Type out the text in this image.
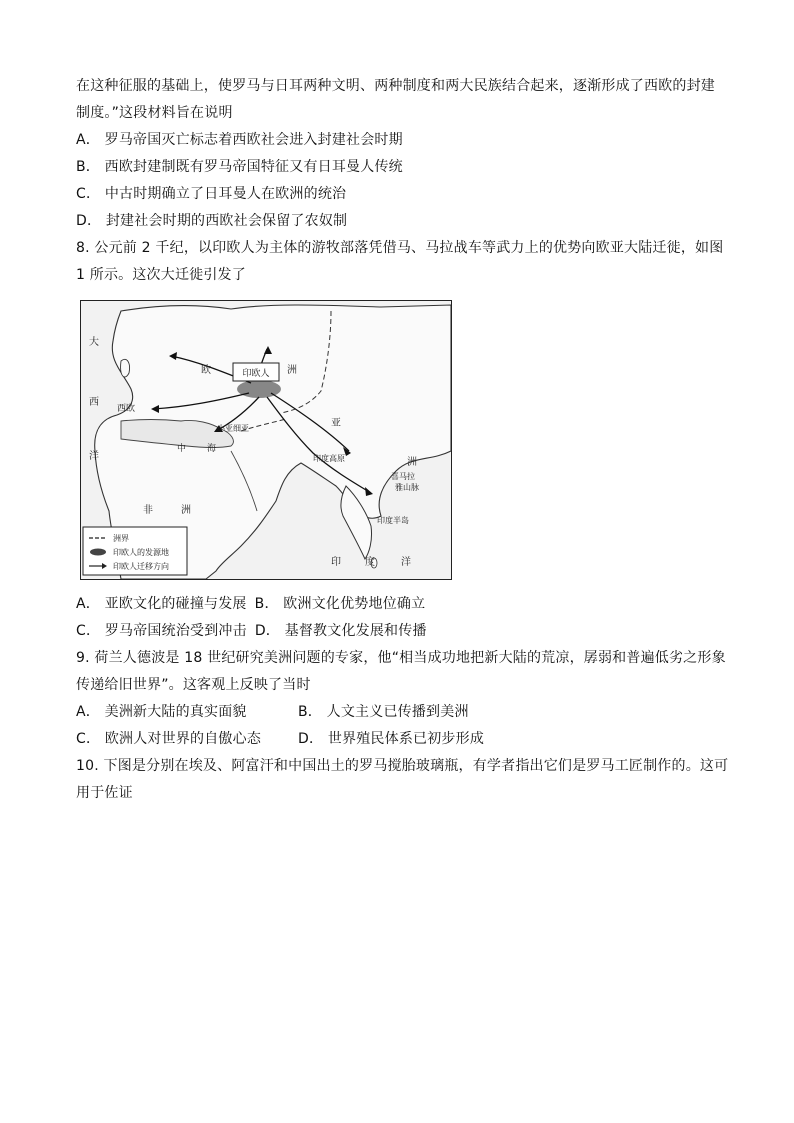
在这种征服的基础上，使罗马与日耳两种文明、两种制度和两大民族结合起来，逐渐形成了西欧的封建
制度。”这段材料旨在说明
A． 罗马帝国灭亡标志着西欧社会进入封建社会时期
B． 西欧封建制既有罗马帝国特征又有日耳曼人传统
C． 中古时期确立了日耳曼人在欧洲的统治
D． 封建社会时期的西欧社会保留了农奴制
8. 公元前 2 千纪，以印欧人为主体的游牧部落凭借马、马拉战车等武力上的优势向欧亚大陆迁徙，如图
1 所示。这次大迁徙引发了
印欧人
大
欧	洲
西
西欧
洋
中 海
非	洲
亚
小亚细亚
印度高原
印 度	洋
印度半岛
喜马拉
雅山脉
洲
洲界
印欧人的发源地
印欧人迁移方向
A． 亚欧文化的碰撞与发展 B． 欧洲文化优势地位确立
C． 罗马帝国统治受到冲击 D． 基督教文化发展和传播
9. 荷兰人德波是 18 世纪研究美洲问题的专家，他“相当成功地把新大陆的荒凉，孱弱和普遍低劣之形象
传递给旧世界”。这客观上反映了当时
A． 美洲新大陆的真实面貌	B． 人文主义已传播到美洲
C． 欧洲人对世界的自傲心态	D． 世界殖民体系已初步形成
10. 下图是分别在埃及、阿富汗和中国出土的罗马搅胎玻璃瓶，有学者指出它们是罗马工匠制作的。这可
用于佐证
